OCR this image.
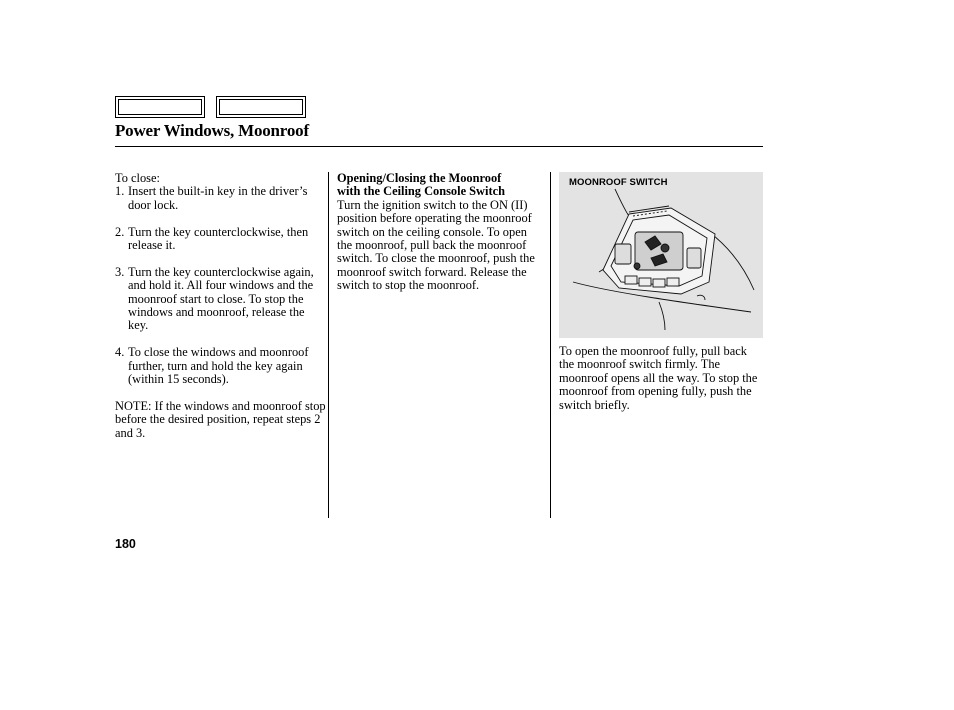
Power Windows, Moonroof

To close:

1. Insert the built-in key in the driver’s door lock.

2. Turn the key counterclockwise, then release it.

3. Turn the key counterclockwise again, and hold it. All four windows and the moonroof start to close. To stop the windows and moonroof, release the key.

4. To close the windows and moonroof further, turn and hold the key again (within 15 seconds).

NOTE: If the windows and moonroof stop before the desired position, repeat steps 2 and 3.

Opening/Closing the Moonroof
with the Ceiling Console Switch

Turn the ignition switch to the ON (II) position before operating the moonroof switch on the ceiling console. To open the moonroof, pull back the moonroof switch. To close the moonroof, push the moonroof switch forward. Release the switch to stop the moonroof.

MOONROOF SWITCH

To open the moonroof fully, pull back the moonroof switch firmly. The moonroof opens all the way. To stop the moonroof from opening fully, push the switch briefly.

180
